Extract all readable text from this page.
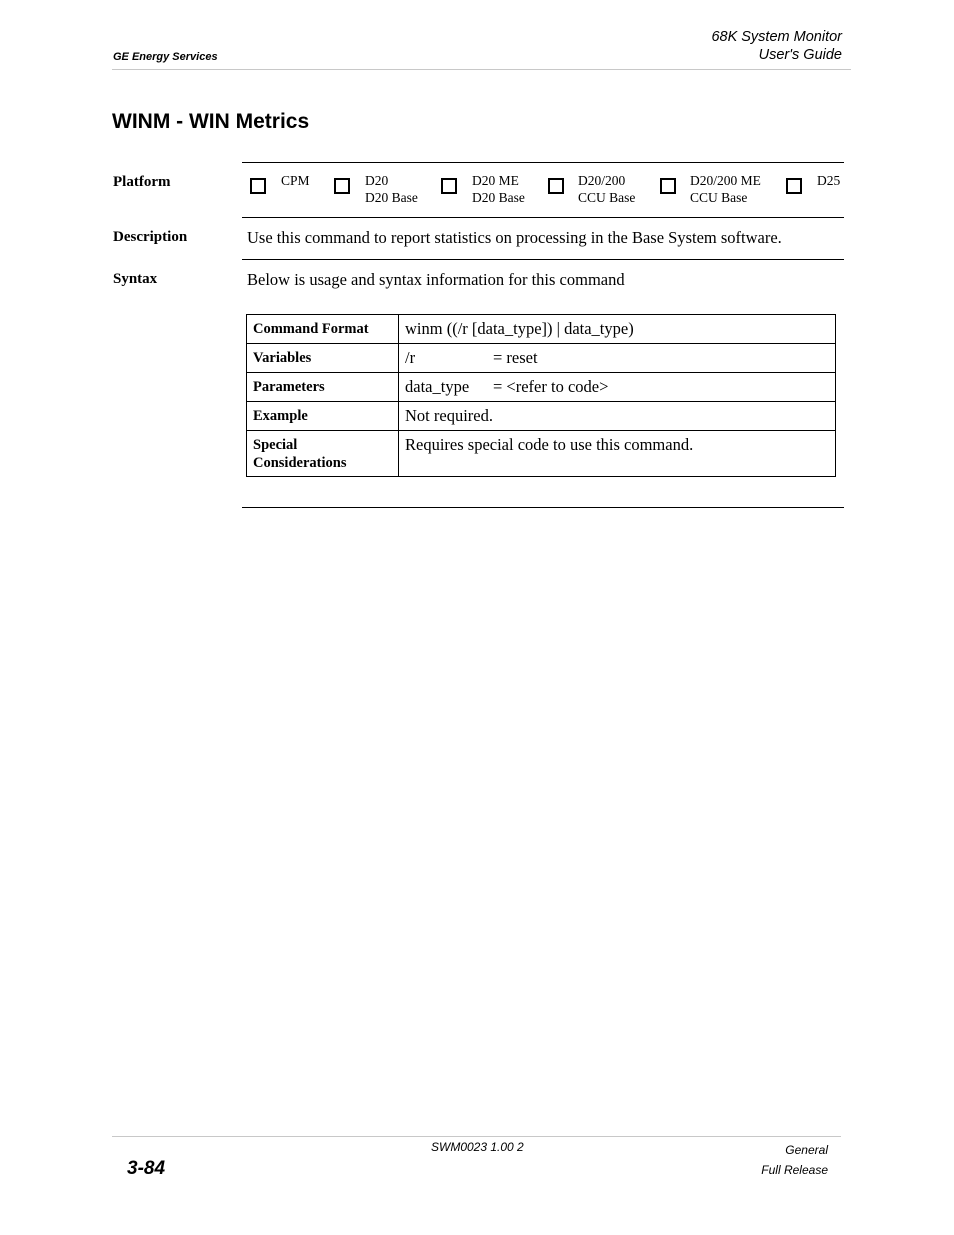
GE Energy Services
68K System Monitor
User's Guide
WINM - WIN Metrics
Platform	CPM	D20
D20 Base
D20 ME
D20 Base
D20/200
CCU Base
D20/200 ME
CCU Base
D25
Description	Use this command to report statistics on processing in the Base System software.
Syntax	Below is usage and syntax information for this command
Command Format	winm ((/r [data_type]) | data_type)
Variables	/r = reset
Parameters	data_type = <refer to code>
Example	Not required.

Special
Considerations	Requires special code to use this command.
3-84
SWM0023 1.00 2	General
Full Release
